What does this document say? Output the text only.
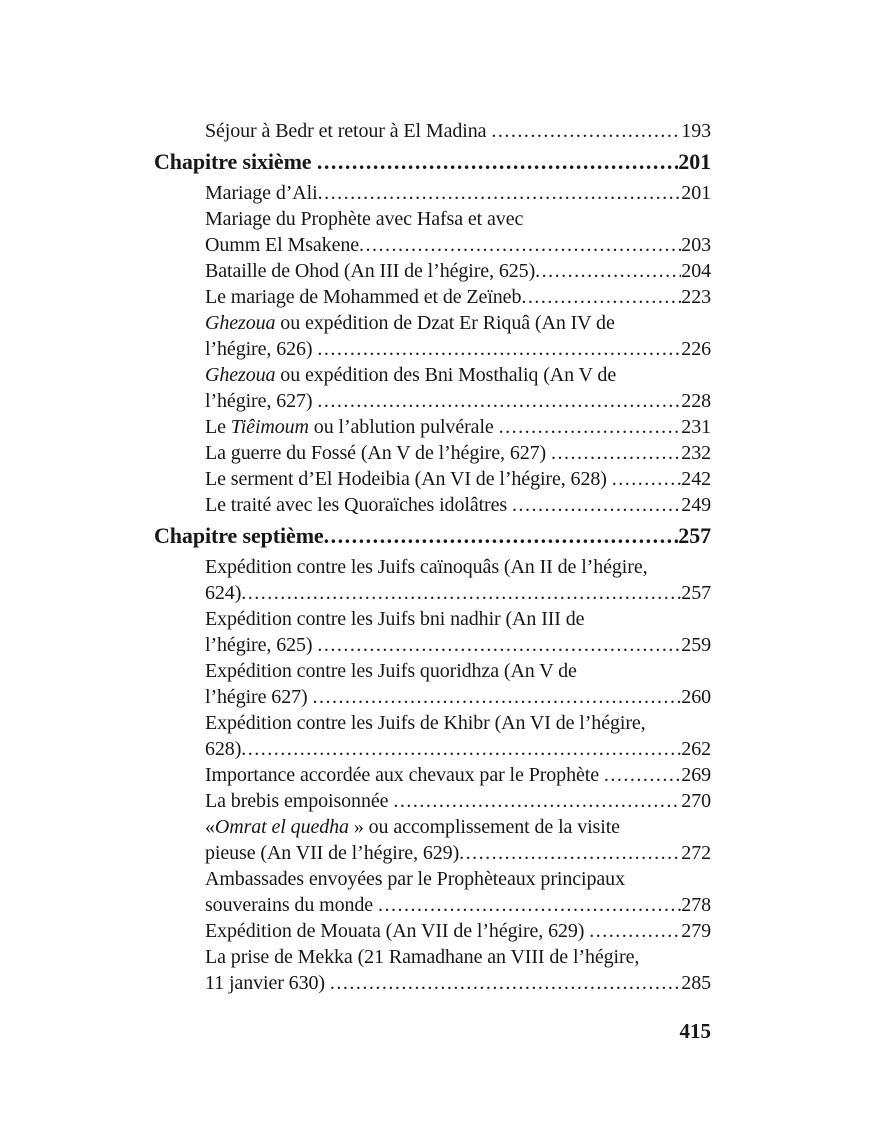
Séjour à Bedr et retour à El Madina .....	193
Chapitre sixième .....	201
Mariage d’Ali .....	201
Mariage du Prophète avec Hafsa et avec
Oumm El Msakene .....	203
Bataille de Ohod (An III de l’hégire, 625) .....	204
Le mariage de Mohammed et de Zeïneb .....	223
Ghezoua ou expédition de Dzat Er Riquâ (An IV de
l’hégire, 626) .....	226
Ghezoua ou expédition des Bni Mosthaliq (An V de
l’hégire, 627) .....	228
Le Tiêimoum ou l’ablution pulvérale .....	231
La guerre du Fossé (An V de l’hégire, 627) .....	232
Le serment d’El Hodeibia (An VI de l’hégire, 628) .....	242
Le traité avec les Quoraïches idolâtres .....	249
Chapitre septième .....	257
Expédition contre les Juifs caïnoquâs (An II de l’hégire,
624) .....	257
Expédition contre les Juifs bni nadhir (An III de
l’hégire, 625) .....	259
Expédition contre les Juifs quoridhza (An V de
l’hégire 627) .....	260
Expédition contre les Juifs de Khibr (An VI de l’hégire,
628) .....	262
Importance accordée aux chevaux par le Prophète .....	269
La brebis empoisonnée .....	270
«Omrat el quedha » ou accomplissement de la visite
pieuse (An VII de l’hégire, 629) .....	272
Ambassades envoyées par le Prophèteaux principaux
souverains du monde .....	278
Expédition de Mouata (An VII de l’hégire, 629) .....	279
La prise de Mekka (21 Ramadhane an VIII de l’hégire,
11 janvier 630) .....	285
415
